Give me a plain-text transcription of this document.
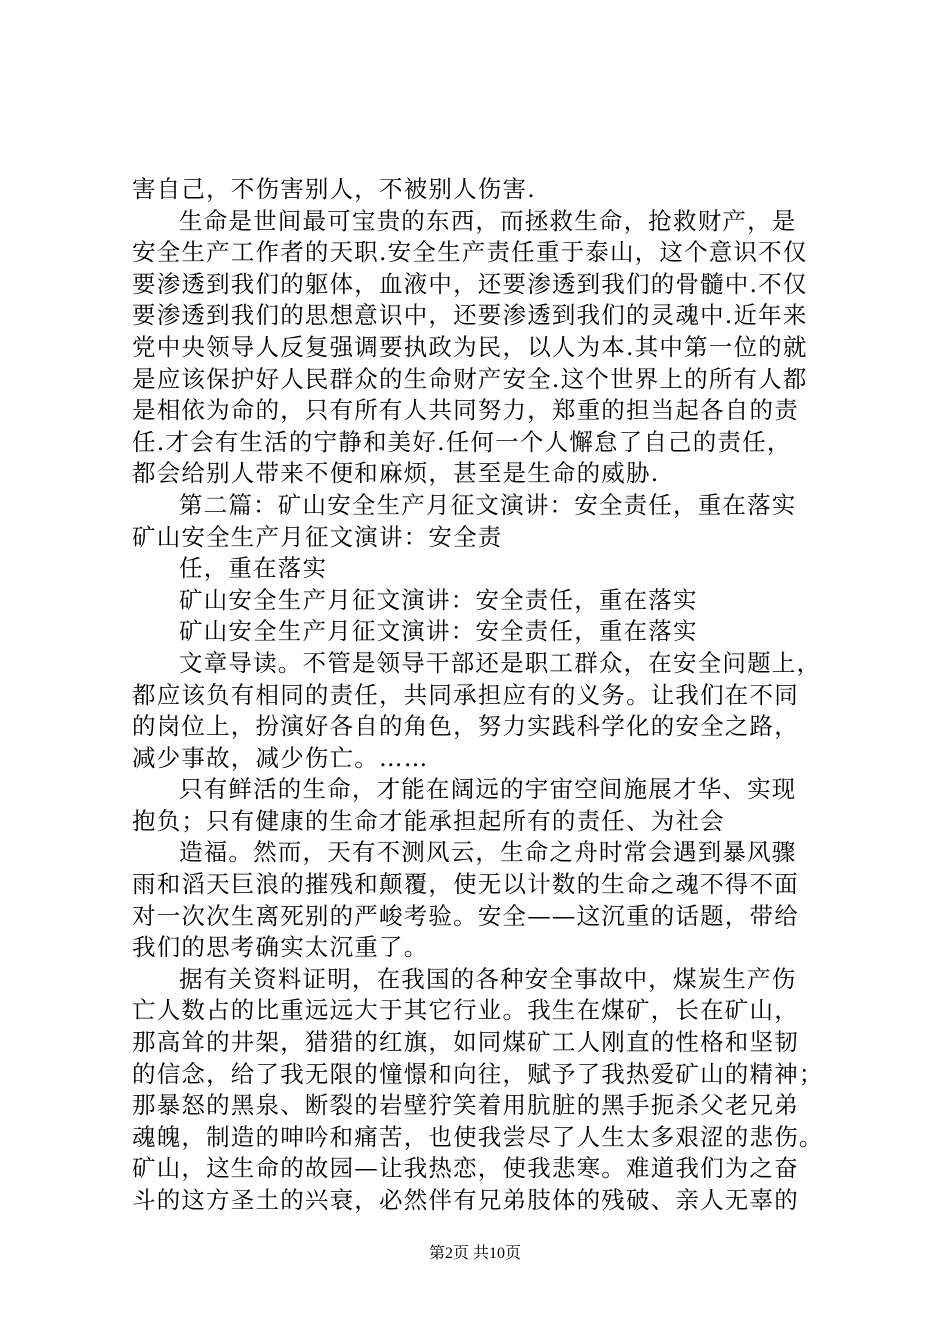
害自己，不伤害别人，不被别人伤害.
生命是世间最可宝贵的东西，而拯救生命，抢救财产，是
安全生产工作者的天职.安全生产责任重于泰山，这个意识不仅
要渗透到我们的躯体，血液中，还要渗透到我们的骨髓中.不仅
要渗透到我们的思想意识中，还要渗透到我们的灵魂中.近年来
党中央领导人反复强调要执政为民，以人为本.其中第一位的就
是应该保护好人民群众的生命财产安全.这个世界上的所有人都
是相依为命的，只有所有人共同努力，郑重的担当起各自的责
任.才会有生活的宁静和美好.任何一个人懈怠了自己的责任，
都会给别人带来不便和麻烦，甚至是生命的威胁.
第二篇：矿山安全生产月征文演讲：安全责任，重在落实
矿山安全生产月征文演讲：安全责
任，重在落实
矿山安全生产月征文演讲：安全责任，重在落实
矿山安全生产月征文演讲：安全责任，重在落实
文章导读。不管是领导干部还是职工群众，在安全问题上，
都应该负有相同的责任，共同承担应有的义务。让我们在不同
的岗位上，扮演好各自的角色，努力实践科学化的安全之路，
减少事故，减少伤亡。……
只有鲜活的生命，才能在阔远的宇宙空间施展才华、实现
抱负；只有健康的生命才能承担起所有的责任、为社会
造福。然而，天有不测风云，生命之舟时常会遇到暴风骤
雨和滔天巨浪的摧残和颠覆，使无以计数的生命之魂不得不面
对一次次生离死别的严峻考验。安全——这沉重的话题，带给
我们的思考确实太沉重了。
据有关资料证明，在我国的各种安全事故中，煤炭生产伤
亡人数占的比重远远大于其它行业。我生在煤矿，长在矿山，
那高耸的井架，猎猎的红旗，如同煤矿工人刚直的性格和坚韧
的信念，给了我无限的憧憬和向往，赋予了我热爱矿山的精神；
那暴怒的黑泉、断裂的岩壁狞笑着用肮脏的黑手扼杀父老兄弟
魂魄，制造的呻吟和痛苦，也使我尝尽了人生太多艰涩的悲伤。
矿山，这生命的故园—让我热恋，使我悲寒。难道我们为之奋
斗的这方圣土的兴衰，必然伴有兄弟肢体的残破、亲人无辜的
第2页 共10页
